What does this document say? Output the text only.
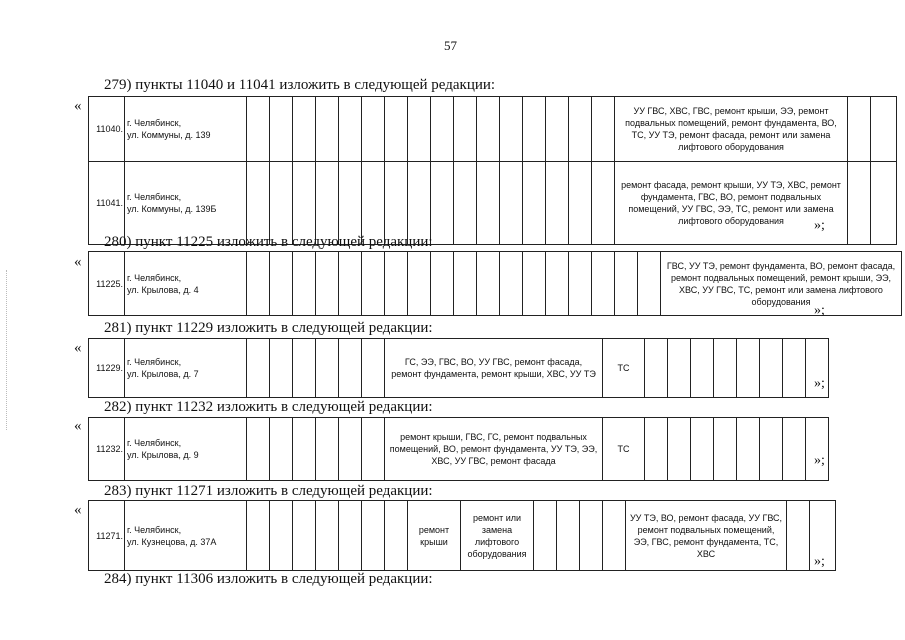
57
279) пункты 11040 и 11041 изложить в следующей редакции:
«
11040.	г. Челябинск,
ул. Коммуны, д. 139																	УУ ГВС, ХВС, ГВС, ремонт крыши, ЭЭ, ремонт подвальных помещений, ремонт фундамента, ВО, ТС, УУ ТЭ, ремонт фасада, ремонт или замена лифтового оборудования		
11041.	г. Челябинск,
ул. Коммуны, д. 139Б																	ремонт фасада, ремонт крыши, УУ ТЭ, ХВС, ремонт фундамента, ГВС, ВО, ремонт подвальных помещений, УУ ГВС, ЭЭ, ТС, ремонт или замена лифтового оборудования		»;
280) пункт 11225 изложить в следующей редакции:
«
11225.	г. Челябинск,
ул. Крылова, д. 4																			ГВС, УУ ТЭ, ремонт фундамента, ВО, ремонт фасада, ремонт подвальных помещений, ремонт крыши, ЭЭ, ХВС, УУ ГВС, ТС, ремонт или замена лифтового оборудования
»;
281) пункт 11229 изложить в следующей редакции:
«
11229.	г. Челябинск,
ул. Крылова, д. 7							ГС, ЭЭ, ГВС, ВО, УУ ГВС, ремонт фасада, ремонт фундамента, ремонт крыши, ХВС, УУ ТЭ	ТС								
»;
282) пункт 11232 изложить в следующей редакции:
«
11232.	г. Челябинск,
ул. Крылова, д. 9							ремонт крыши, ГВС, ГС, ремонт подвальных помещений, ВО, ремонт фундамента, УУ ТЭ, ЭЭ, ХВС, УУ ГВС, ремонт фасада	ТС								
»;
283) пункт 11271 изложить в следующей редакции:
«
11271.	г. Челябинск,
ул. Кузнецова, д. 37А								ремонт крыши	ремонт или замена лифтового оборудования					УУ ТЭ, ВО, ремонт фасада, УУ ГВС, ремонт подвальных помещений, ЭЭ, ГВС, ремонт фундамента, ТС, ХВС		
»;
284) пункт 11306 изложить в следующей редакции:
